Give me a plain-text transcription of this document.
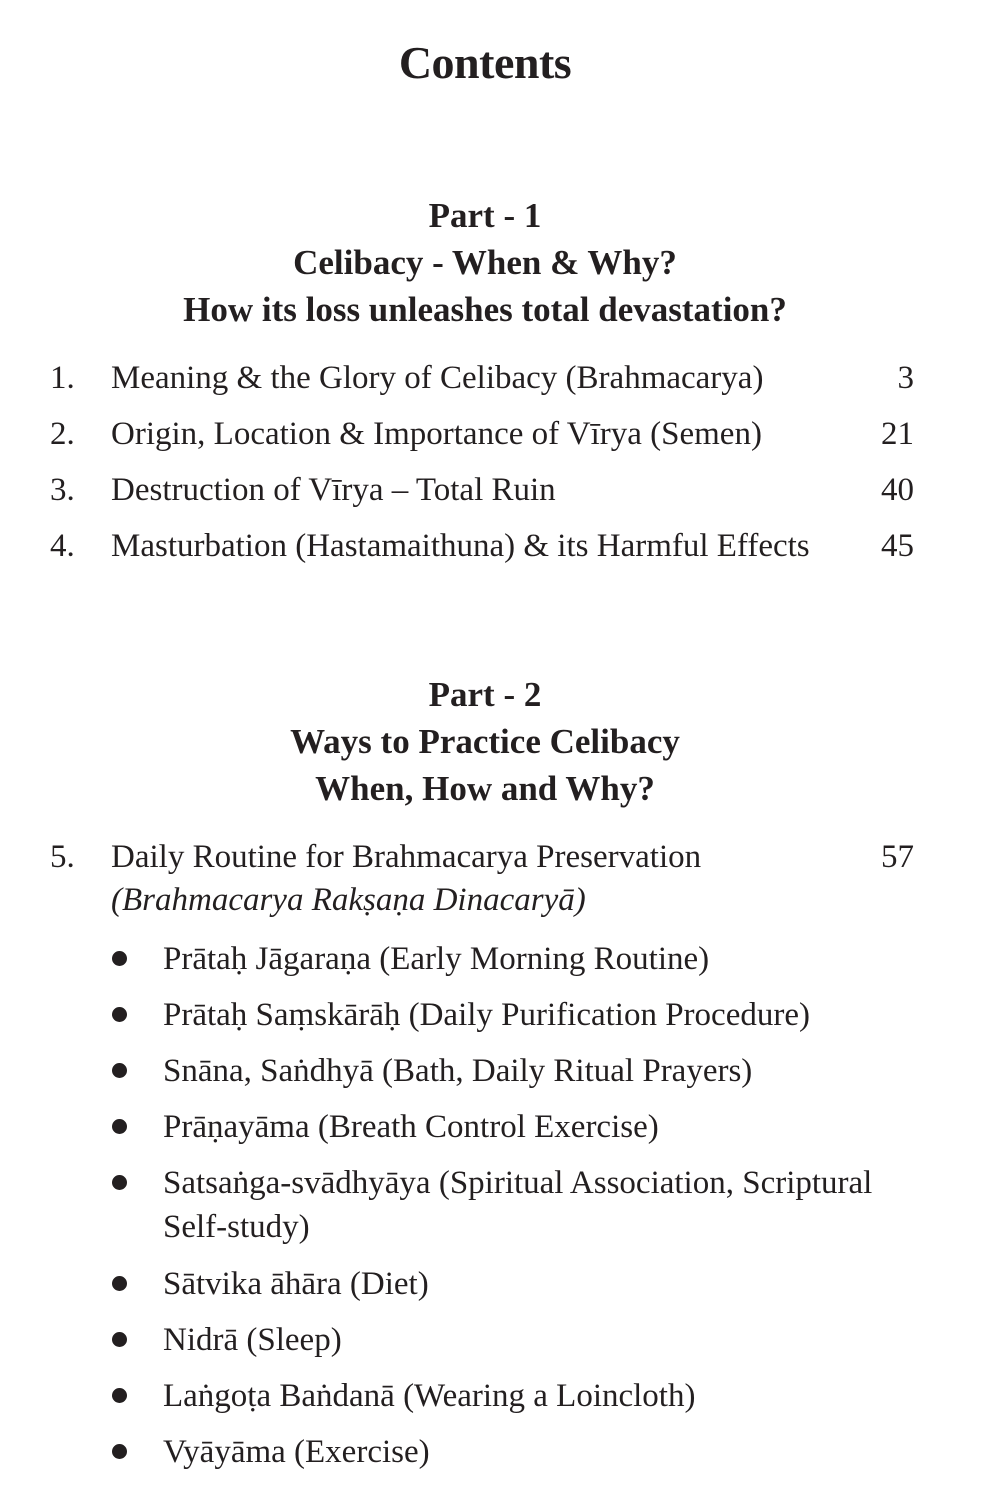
Contents
Part - 1
Celibacy - When & Why?
How its loss unleashes total devastation?
1. Meaning & the Glory of Celibacy (Brahmacarya)	3
2. Origin, Location & Importance of Vīrya (Semen)	21
3. Destruction of Vīrya – Total Ruin	40
4. Masturbation (Hastamaithuna) & its Harmful Effects 45
Part - 2
Ways to Practice Celibacy
When, How and Why?
5. Daily Routine for Brahmacarya Preservation	57
(Brahmacarya Rakṣaṇa Dinacaryā)
Prātaḥ Jāgaraṇa (Early Morning Routine)
Prātaḥ Saṃskārāḥ (Daily Purification Procedure)
Snāna, Saṅdhyā (Bath, Daily Ritual Prayers)
Prāṇayāma (Breath Control Exercise)
Satsaṅga-svādhyāya (Spiritual Association, Scriptural Self-study)
Sātvika āhāra (Diet)
Nidrā (Sleep)
Laṅgoṭa Baṅdanā (Wearing a Loincloth)
Vyāyāma (Exercise)
